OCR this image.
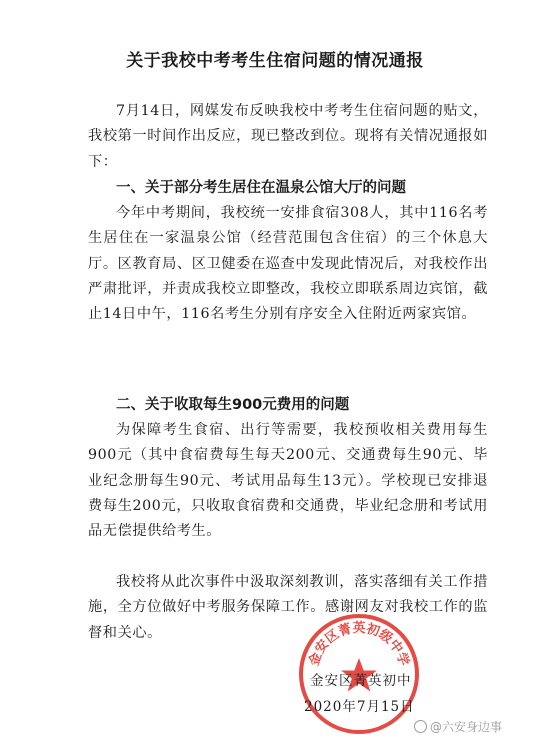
关于我校中考考生住宿问题的情况通报
7月14日，网媒发布反映我校中考考生住宿问题的贴文，我校第一时间作出反应，现已整改到位。现将有关情况通报如下：
一、关于部分考生居住在温泉公馆大厅的问题
今年中考期间，我校统一安排食宿308人，其中116名考生居住在一家温泉公馆（经营范围包含住宿）的三个休息大厅。区教育局、区卫健委在巡查中发现此情况后，对我校作出严肃批评，并责成我校立即整改，我校立即联系周边宾馆，截止14日中午，116名考生分别有序安全入住附近两家宾馆。
二、关于收取每生900元费用的问题
为保障考生食宿、出行等需要，我校预收相关费用每生900元（其中食宿费每生每天200元、交通费每生90元、毕业纪念册每生90元、考试用品每生13元）。学校现已安排退费每生200元，只收取食宿费和交通费，毕业纪念册和考试用品无偿提供给考生。
我校将从此次事件中汲取深刻教训，落实落细有关工作措施，全方位做好中考服务保障工作。感谢网友对我校工作的监督和关心。
金安区菁英初级中学
金安区菁英初中
2020年7月15日
@六安身边事
